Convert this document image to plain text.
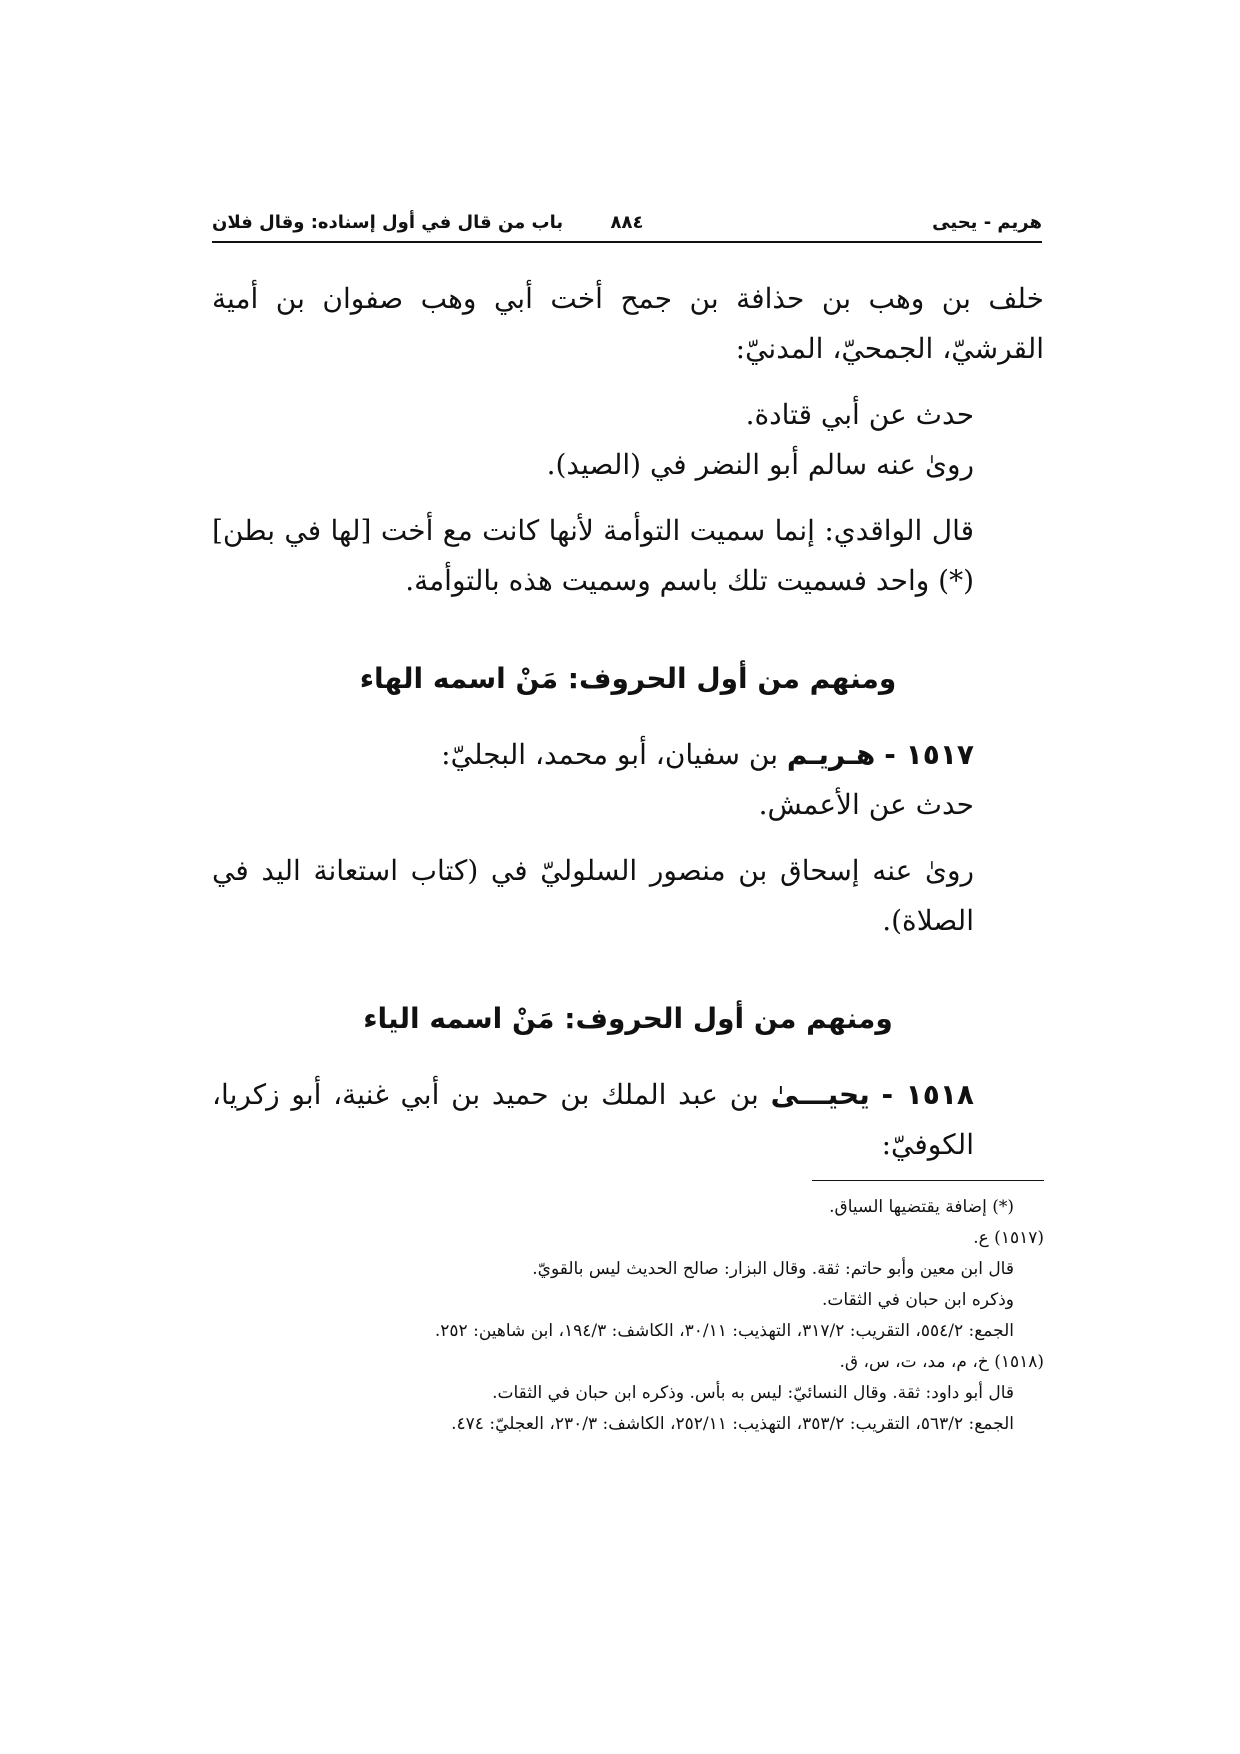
هريم - يحيى
٨٨٤
باب من قال في أول إسناده: وقال فلان

خلف بن وهب بن حذافة بن جمح أخت أبي وهب صفوان بن أمية القرشيّ، الجمحيّ، المدنيّ:

حدث عن أبي قتادة.

رویٰ عنه سالم أبو النضر في (الصيد).

قال الواقدي: إنما سميت التوأمة لأنها كانت مع أخت [لها في بطن](*) واحد فسميت تلك باسم وسميت هذه بالتوأمة.

ومنهم من أول الحروف: مَنْ اسمه الهاء

١٥١٧ - هـريـم بن سفيان، أبو محمد، البجليّ:

حدث عن الأعمش.

رویٰ عنه إسحاق بن منصور السلوليّ في (كتاب استعانة اليد في الصلاة).

ومنهم من أول الحروف: مَنْ اسمه الياء

١٥١٨ - يحيـــیٰ بن عبد الملك بن حميد بن أبي غنية، أبو زكريا، الكوفيّ:

(*) إضافة يقتضيها السياق.

(١٥١٧) ع.

قال ابن معين وأبو حاتم: ثقة. وقال البزار: صالح الحديث ليس بالقويّ.

وذكره ابن حبان في الثقات.

الجمع: ٥٥٤/٢، التقريب: ٣١٧/٢، التهذيب: ٣٠/١١، الكاشف: ١٩٤/٣، ابن شاهين: ٢٥٢.

(١٥١٨) خ، م، مد، ت، س، ق.

قال أبو داود: ثقة. وقال النسائيّ: ليس به بأس. وذكره ابن حبان في الثقات.

الجمع: ٥٦٣/٢، التقريب: ٣٥٣/٢، التهذيب: ٢٥٢/١١، الكاشف: ٢٣٠/٣، العجليّ: ٤٧٤.
